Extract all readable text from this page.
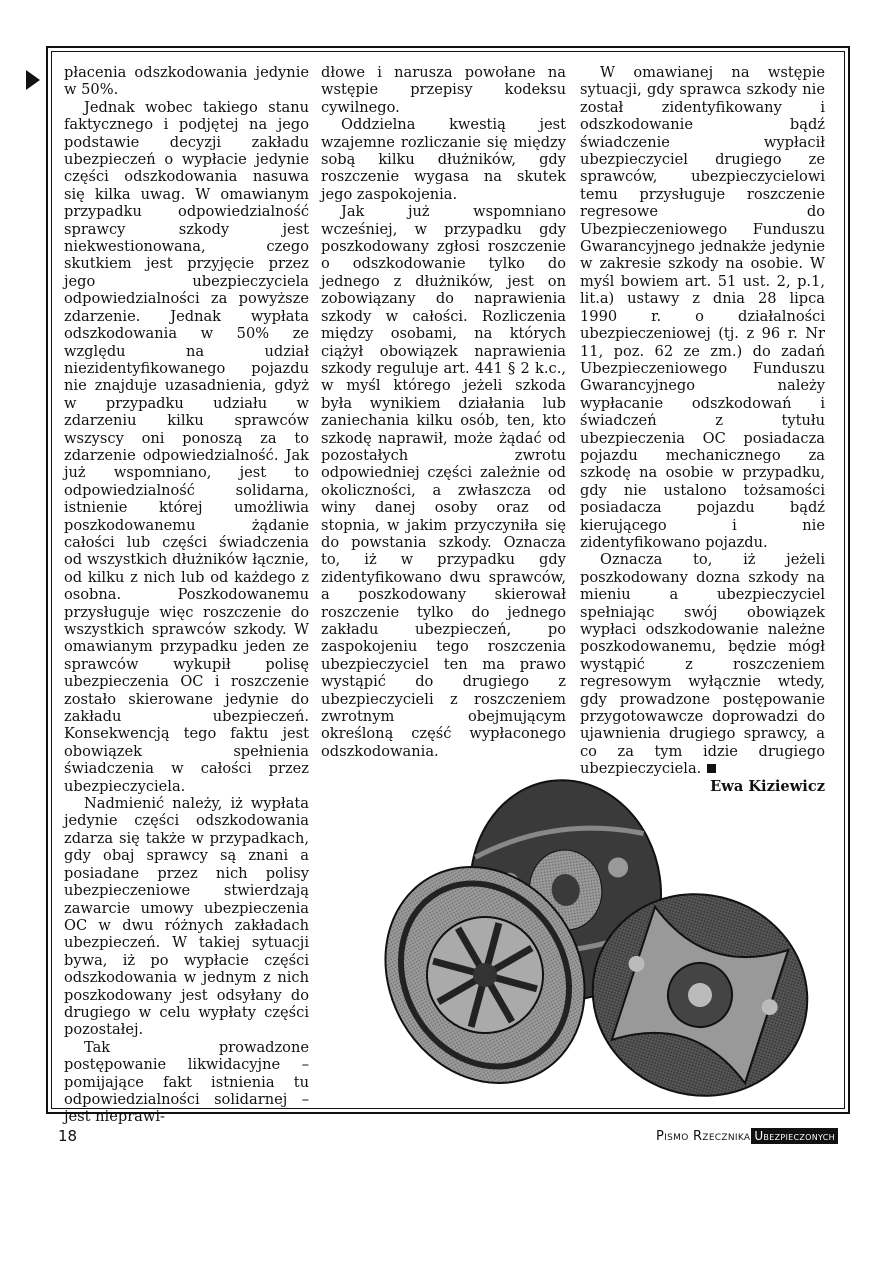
płacenia odszkodowania jedynie w 50%.

Jednak wobec takiego stanu faktycznego i podjętej na jego podstawie decyzji zakładu ubezpieczeń o wypłacie jedynie części odszkodowania nasuwa się kilka uwag. W omawianym przypadku odpowiedzialność sprawcy szkody jest niekwestionowana, czego skutkiem jest przyjęcie przez jego ubezpieczyciela odpowiedzialności za powyższe zdarzenie. Jednak wypłata odszkodowania w 50% ze względu na udział niezidentyfikowanego pojazdu nie znajduje uzasadnienia, gdyż w przypadku udziału w zdarzeniu kilku sprawców wszyscy oni ponoszą za to zdarzenie odpowiedzialność. Jak już wspomniano, jest to odpowiedzialność solidarna, istnienie której umożliwia poszkodowanemu żądanie całości lub części świadczenia od wszystkich dłużników łącznie, od kilku z nich lub od każdego z osobna. Poszkodowanemu przysługuje więc roszczenie do wszystkich sprawców szkody. W omawianym przypadku jeden ze sprawców wykupił polisę ubezpieczenia OC i roszczenie zostało skierowane jedynie do zakładu ubezpieczeń. Konsekwencją tego faktu jest obowiązek spełnienia świadczenia w całości przez ubezpieczyciela.

Nadmienić należy, iż wypłata jedynie części odszkodowania zdarza się także w przypadkach, gdy obaj sprawcy są znani a posiadane przez nich polisy ubezpieczeniowe stwierdzają zawarcie umowy ubezpieczenia OC w dwu różnych zakładach ubezpieczeń. W takiej sytuacji bywa, iż po wypłacie części odszkodowania w jednym z nich poszkodowany jest odsyłany do drugiego w celu wypłaty części pozostałej.

Tak prowadzone postępowanie likwidacyjne – pomijające fakt istnienia tu odpowiedzialności solidarnej – jest nieprawi-

dłowe i narusza powołane na wstępie przepisy kodeksu cywilnego.

Oddzielna kwestią jest wzajemne rozliczanie się między sobą kilku dłużników, gdy roszczenie wygasa na skutek jego zaspokojenia.

Jak już wspomniano wcześniej, w przypadku gdy poszkodowany zgłosi roszczenie o odszkodowanie tylko do jednego z dłużników, jest on zobowiązany do naprawienia szkody w całości. Rozliczenia między osobami, na których ciążył obowiązek naprawienia szkody reguluje art. 441 § 2 k.c., w myśl którego jeżeli szkoda była wynikiem działania lub zaniechania kilku osób, ten, kto szkodę naprawił, może żądać od pozostałych zwrotu odpowiedniej części zależnie od okoliczności, a zwłaszcza od winy danej osoby oraz od stopnia, w jakim przyczyniła się do powstania szkody. Oznacza to, iż w przypadku gdy zidentyfikowano dwu sprawców, a poszkodowany skierował roszczenie tylko do jednego zakładu ubezpieczeń, po zaspokojeniu tego roszczenia ubezpieczyciel ten ma prawo wystąpić do drugiego z ubezpieczycieli z roszczeniem zwrotnym obejmującym określoną część wypłaconego odszkodowania.

W omawianej na wstępie sytuacji, gdy sprawca szkody nie został zidentyfikowany i odszkodowanie bądź świadczenie wypłacił ubezpieczyciel drugiego ze sprawców, ubezpieczycielowi temu przysługuje roszczenie regresowe do Ubezpieczeniowego Funduszu Gwarancyjnego jednakże jedynie w zakresie szkody na osobie. W myśl bowiem art. 51 ust. 2, p.1, lit.a) ustawy z dnia 28 lipca 1990 r. o działalności ubezpieczeniowej (tj. z 96 r. Nr 11, poz. 62 ze zm.) do zadań Ubezpieczeniowego Funduszu Gwarancyjnego należy wypłacanie odszkodowań i świadczeń z tytułu ubezpieczenia OC posiadacza pojazdu mechanicznego za szkodę na osobie w przypadku, gdy nie ustalono tożsamości posiadacza pojazdu bądź kierującego i nie zidentyfikowano pojazdu.

Oznacza to, iż jeżeli poszkodowany dozna szkody na mieniu a ubezpieczyciel spełniając swój obowiązek wypłaci odszkodowanie należne poszkodowanemu, będzie mógł wystąpić z roszczeniem regresowym wyłącznie wtedy, gdy prowadzone postępowanie przygotowawcze doprowadzi do ujawnienia drugiego sprawcy, a co za tym idzie drugiego ubezpieczyciela.

Ewa Kiziewicz
18	Pismo Rzecznika Ubezpieczonych
